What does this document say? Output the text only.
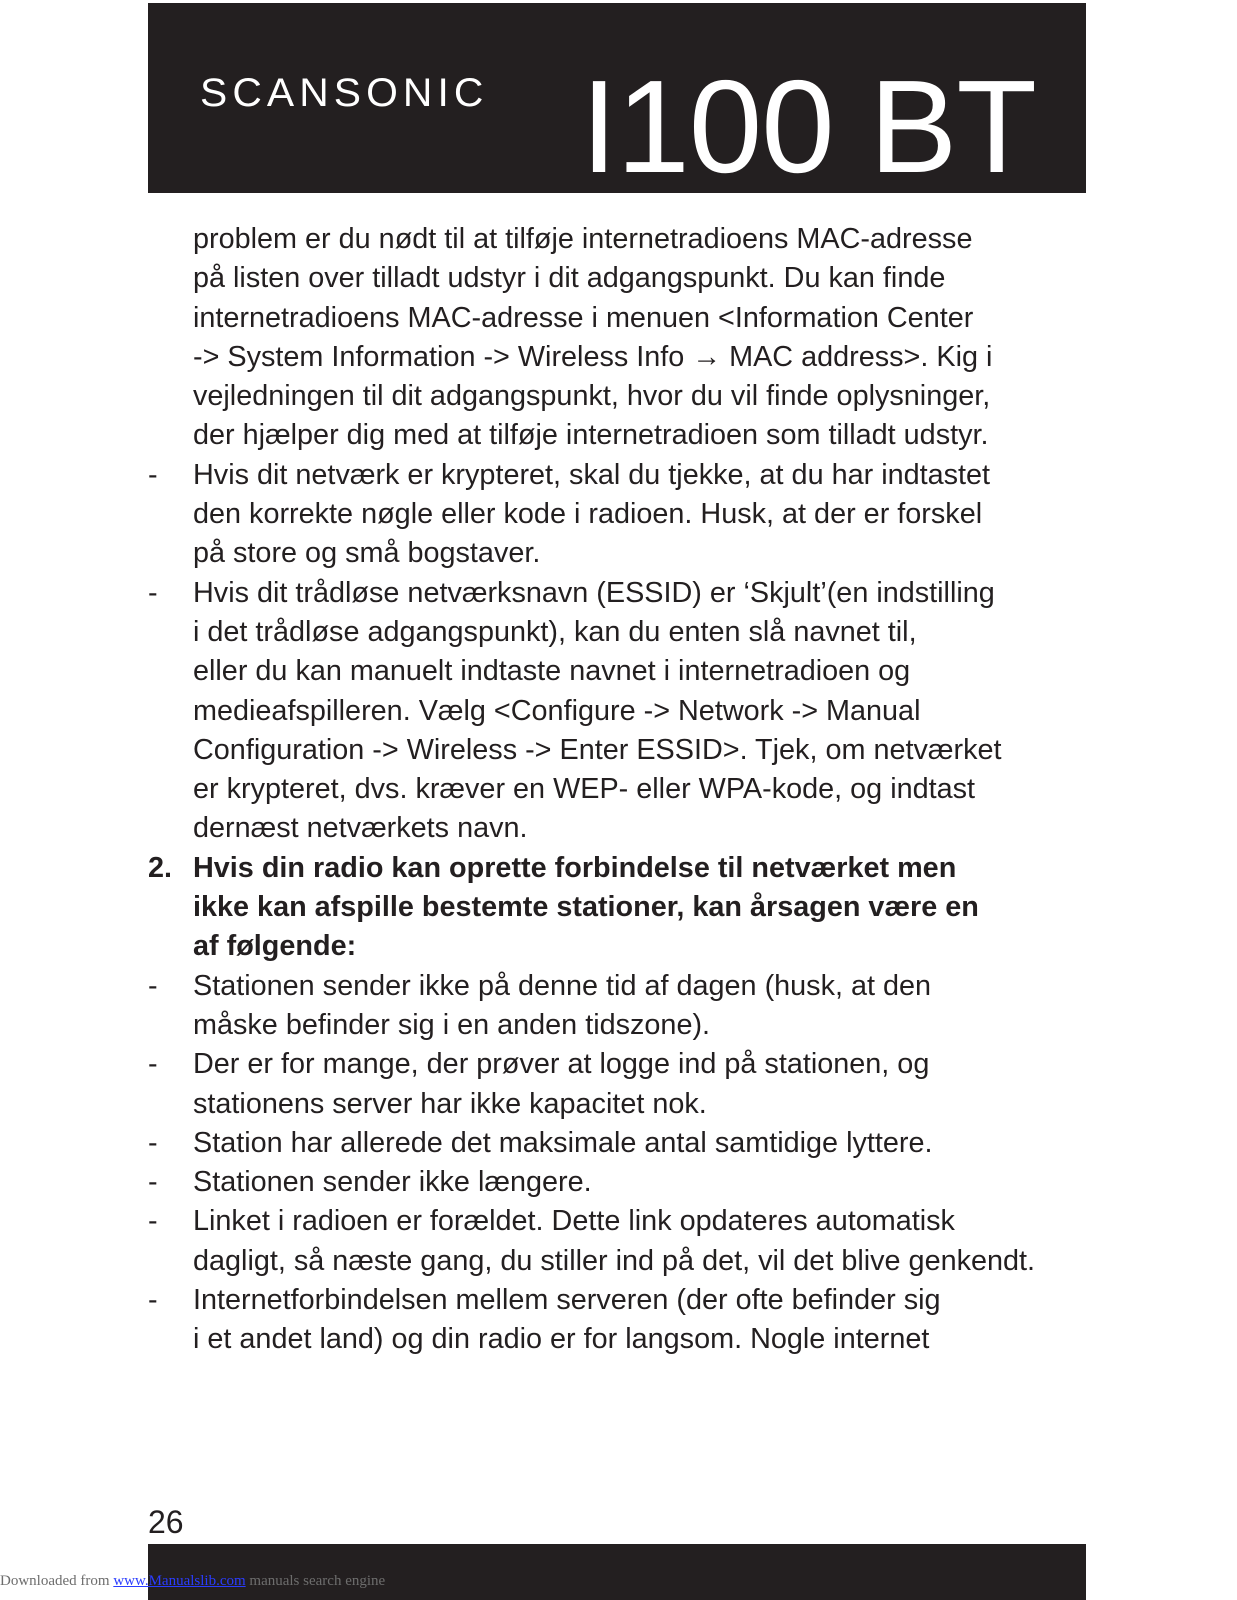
SCANSONIC I100 BT
problem er du nødt til at tilføje internetradioens MAC-adresse
på listen over tilladt udstyr i dit adgangspunkt. Du kan finde
internetradioens MAC-adresse i menuen <Information Center
-> System Information -> Wireless Info → MAC address>. Kig i
vejledningen til dit adgangspunkt, hvor du vil finde oplysninger,
der hjælper dig med at tilføje internetradioen som tilladt udstyr.
-	Hvis dit netværk er krypteret, skal du tjekke, at du har indtastet
den korrekte nøgle eller kode i radioen. Husk, at der er forskel
på store og små bogstaver.
-	Hvis dit trådløse netværksnavn (ESSID) er ‘Skjult’(en indstilling
i det trådløse adgangspunkt), kan du enten slå navnet til,
eller du kan manuelt indtaste navnet i internetradioen og
medieafspilleren. Vælg <Configure -> Network -> Manual
Configuration -> Wireless -> Enter ESSID>. Tjek, om netværket
er krypteret, dvs. kræver en WEP- eller WPA-kode, og indtast
dernæst netværkets navn.
2. Hvis din radio kan oprette forbindelse til netværket men
ikke kan afspille bestemte stationer, kan årsagen være en
af følgende:
-	Stationen sender ikke på denne tid af dagen (husk, at den
måske befinder sig i en anden tidszone).
-	Der er for mange, der prøver at logge ind på stationen, og
stationens server har ikke kapacitet nok.
-	Station har allerede det maksimale antal samtidige lyttere.
-	Stationen sender ikke længere.
-	Linket i radioen er forældet. Dette link opdateres automatisk
dagligt, så næste gang, du stiller ind på det, vil det blive genkendt.
-	Internetforbindelsen mellem serveren (der ofte befinder sig
i et andet land) og din radio er for langsom. Nogle internet
26
Downloaded from www.Manualslib.com manuals search engine
